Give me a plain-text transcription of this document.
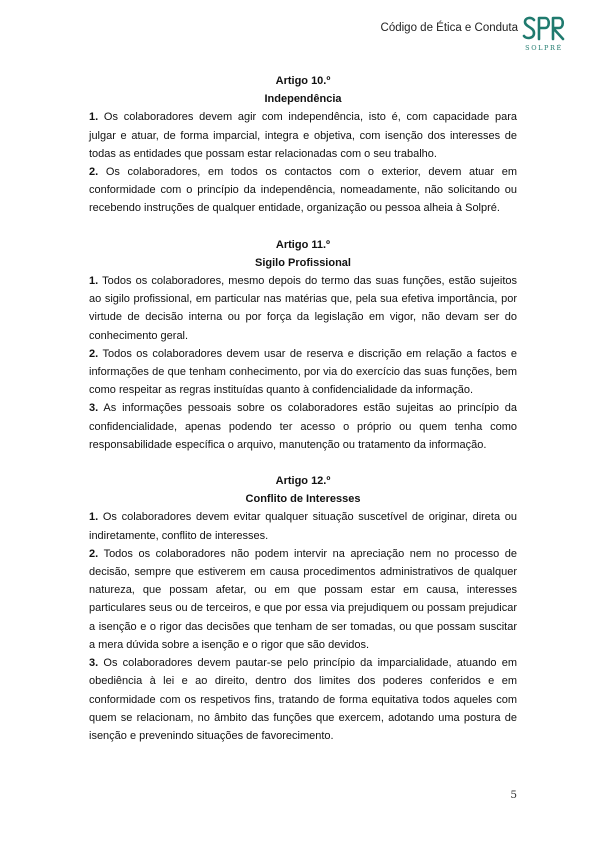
Código de Ética e Conduta
SOLPRÉ

Artigo 10.º

Independência

1. Os colaboradores devem agir com independência, isto é, com capacidade para julgar e atuar, de forma imparcial, integra e objetiva, com isenção dos interesses de todas as entidades que possam estar relacionadas com o seu trabalho.

2. Os colaboradores, em todos os contactos com o exterior, devem atuar em conformidade com o princípio da independência, nomeadamente, não solicitando ou recebendo instruções de qualquer entidade, organização ou pessoa alheia à Solpré.

Artigo 11.º

Sigilo Profissional

1. Todos os colaboradores, mesmo depois do termo das suas funções, estão sujeitos ao sigilo profissional, em particular nas matérias que, pela sua efetiva importância, por virtude de decisão interna ou por força da legislação em vigor, não devam ser do conhecimento geral.

2. Todos os colaboradores devem usar de reserva e discrição em relação a factos e informações de que tenham conhecimento, por via do exercício das suas funções, bem como respeitar as regras instituídas quanto à confidencialidade da informação.

3. As informações pessoais sobre os colaboradores estão sujeitas ao princípio da confidencialidade, apenas podendo ter acesso o próprio ou quem tenha como responsabilidade específica o arquivo, manutenção ou tratamento da informação.

Artigo 12.º

Conflito de Interesses

1. Os colaboradores devem evitar qualquer situação suscetível de originar, direta ou indiretamente, conflito de interesses.

2. Todos os colaboradores não podem intervir na apreciação nem no processo de decisão, sempre que estiverem em causa procedimentos administrativos de qualquer natureza, que possam afetar, ou em que possam estar em causa, interesses particulares seus ou de terceiros, e que por essa via prejudiquem ou possam prejudicar a isenção e o rigor das decisões que tenham de ser tomadas, ou que possam suscitar a mera dúvida sobre a isenção e o rigor que são devidos.

3. Os colaboradores devem pautar-se pelo princípio da imparcialidade, atuando em obediência à lei e ao direito, dentro dos limites dos poderes conferidos e em conformidade com os respetivos fins, tratando de forma equitativa todos aqueles com quem se relacionam, no âmbito das funções que exercem, adotando uma postura de isenção e prevenindo situações de favorecimento.

5
